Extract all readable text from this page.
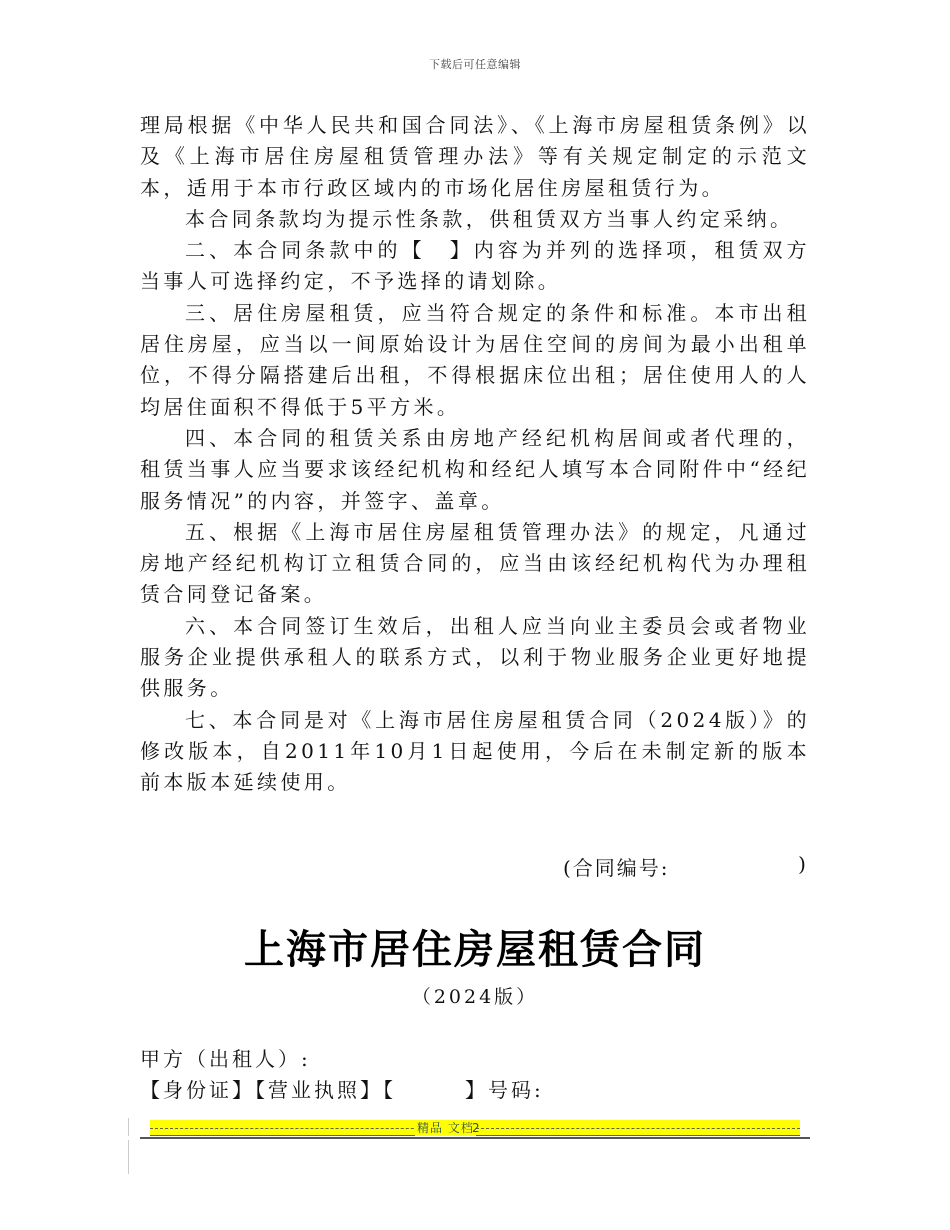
下载后可任意编辑

理局根据《中华人民共和国合同法》、《上海市房屋租赁条例》以及《上海市居住房屋租赁管理办法》等有关规定制定的示范文本，适用于本市行政区域内的市场化居住房屋租赁行为。

本合同条款均为提示性条款，供租赁双方当事人约定采纳。

二、本合同条款中的【　】内容为并列的选择项，租赁双方当事人可选择约定，不予选择的请划除。

三、居住房屋租赁，应当符合规定的条件和标准。本市出租居住房屋，应当以一间原始设计为居住空间的房间为最小出租单位，不得分隔搭建后出租，不得根据床位出租；居住使用人的人均居住面积不得低于5平方米。

四、本合同的租赁关系由房地产经纪机构居间或者代理的，租赁当事人应当要求该经纪机构和经纪人填写本合同附件中“经纪服务情况”的内容，并签字、盖章。

五、根据《上海市居住房屋租赁管理办法》的规定，凡通过房地产经纪机构订立租赁合同的，应当由该经纪机构代为办理租赁合同登记备案。

六、本合同签订生效后，出租人应当向业主委员会或者物业服务企业提供承租人的联系方式，以利于物业服务企业更好地提供服务。

七、本合同是对《上海市居住房屋租赁合同（2024版）》的修改版本，自2011年10月1日起使用，今后在未制定新的版本前本版本延续使用。

(合同编号:	)
上海市居住房屋租赁合同
（2024版）
甲方（出租人）:
【身份证】【营业执照】【　　　】号码:
精品 文档
2
